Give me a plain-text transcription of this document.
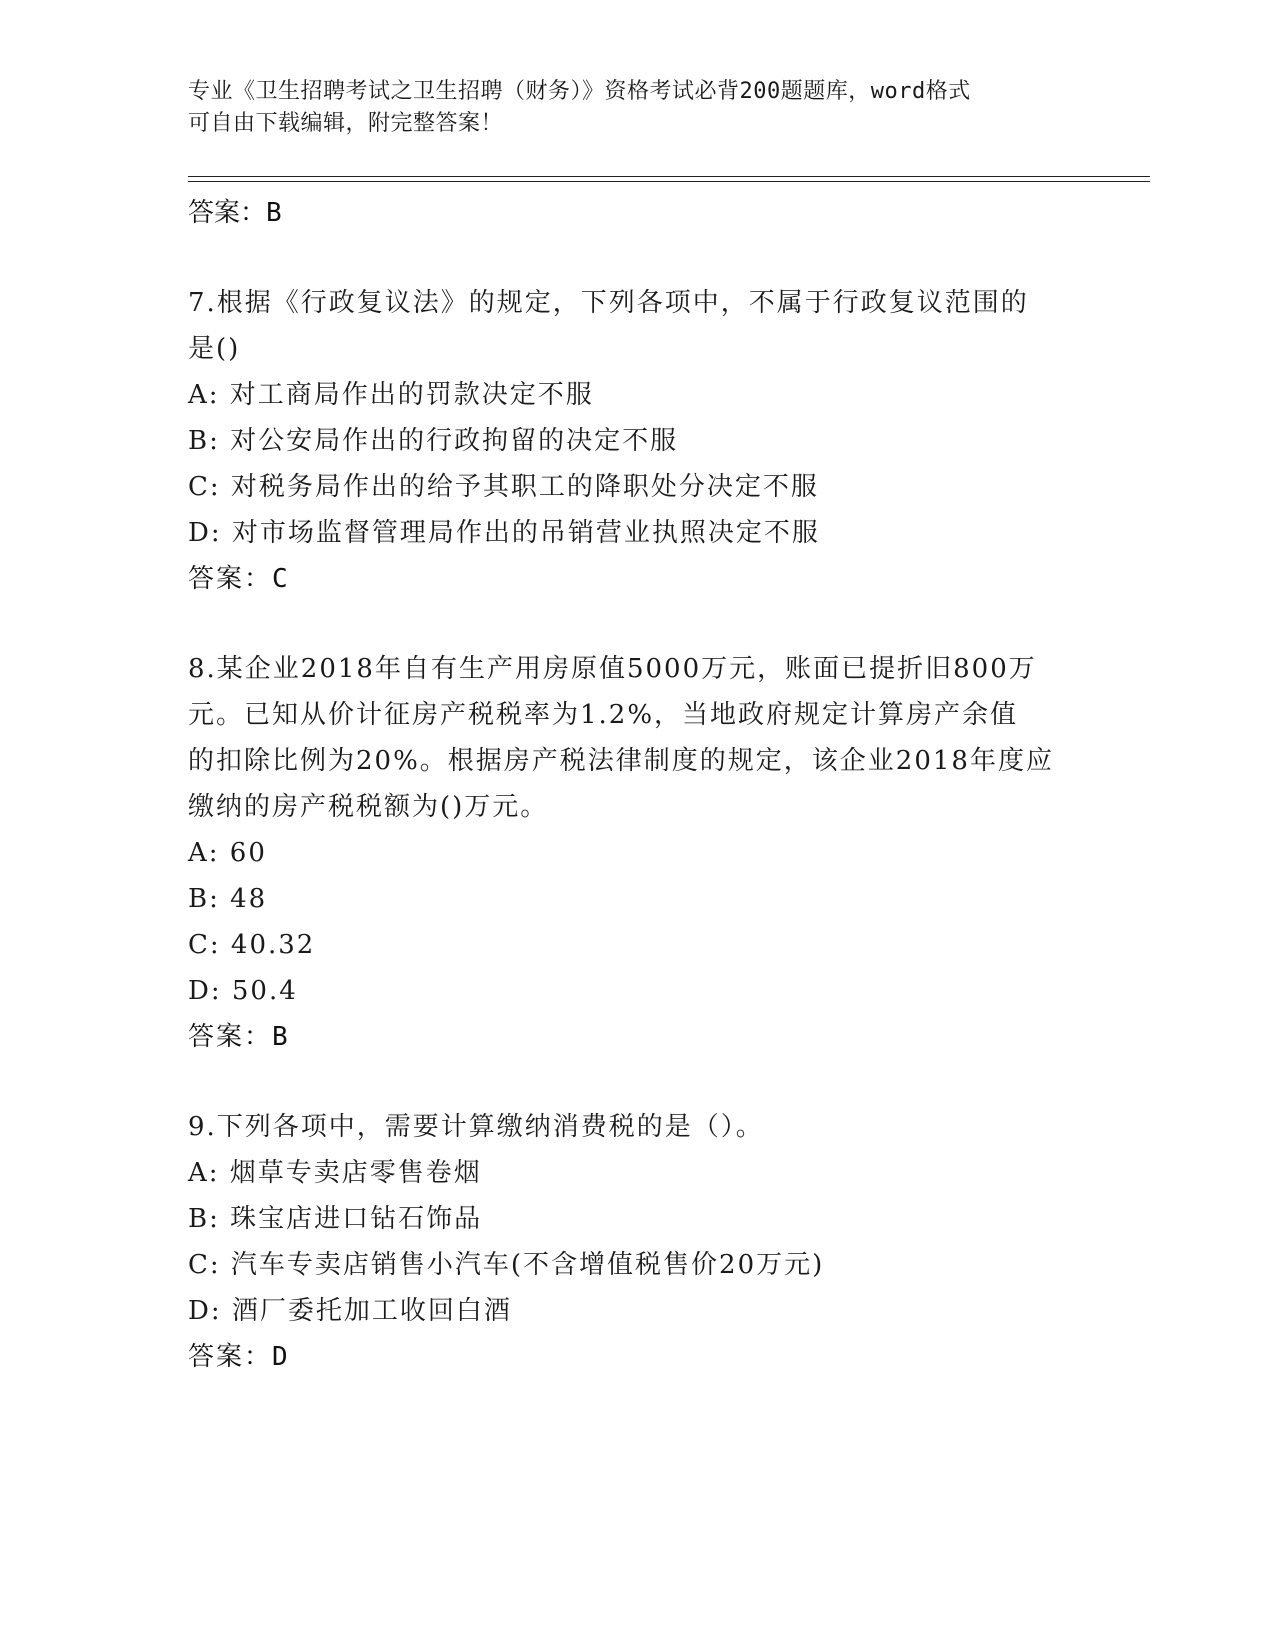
专业《卫生招聘考试之卫生招聘（财务）》资格考试必背200题题库，word格式
可自由下载编辑，附完整答案！
答案：B

7.根据《行政复议法》的规定，下列各项中，不属于行政复议范围的

是()

A: 对工商局作出的罚款决定不服
B: 对公安局作出的行政拘留的决定不服
C: 对税务局作出的给予其职工的降职处分决定不服
D: 对市场监督管理局作出的吊销营业执照决定不服
答案：C

8.某企业2018年自有生产用房原值5000万元，账面已提折旧800万

元。已知从价计征房产税税率为1.2%，当地政府规定计算房产余值

的扣除比例为20%。根据房产税法律制度的规定，该企业2018年度应

缴纳的房产税税额为()万元。

A: 60
B: 48
C: 40.32
D: 50.4
答案：B

9.下列各项中，需要计算缴纳消费税的是（）。

A: 烟草专卖店零售卷烟
B: 珠宝店进口钻石饰品
C: 汽车专卖店销售小汽车(不含增值税售价20万元)
D: 酒厂委托加工收回白酒
答案：D
